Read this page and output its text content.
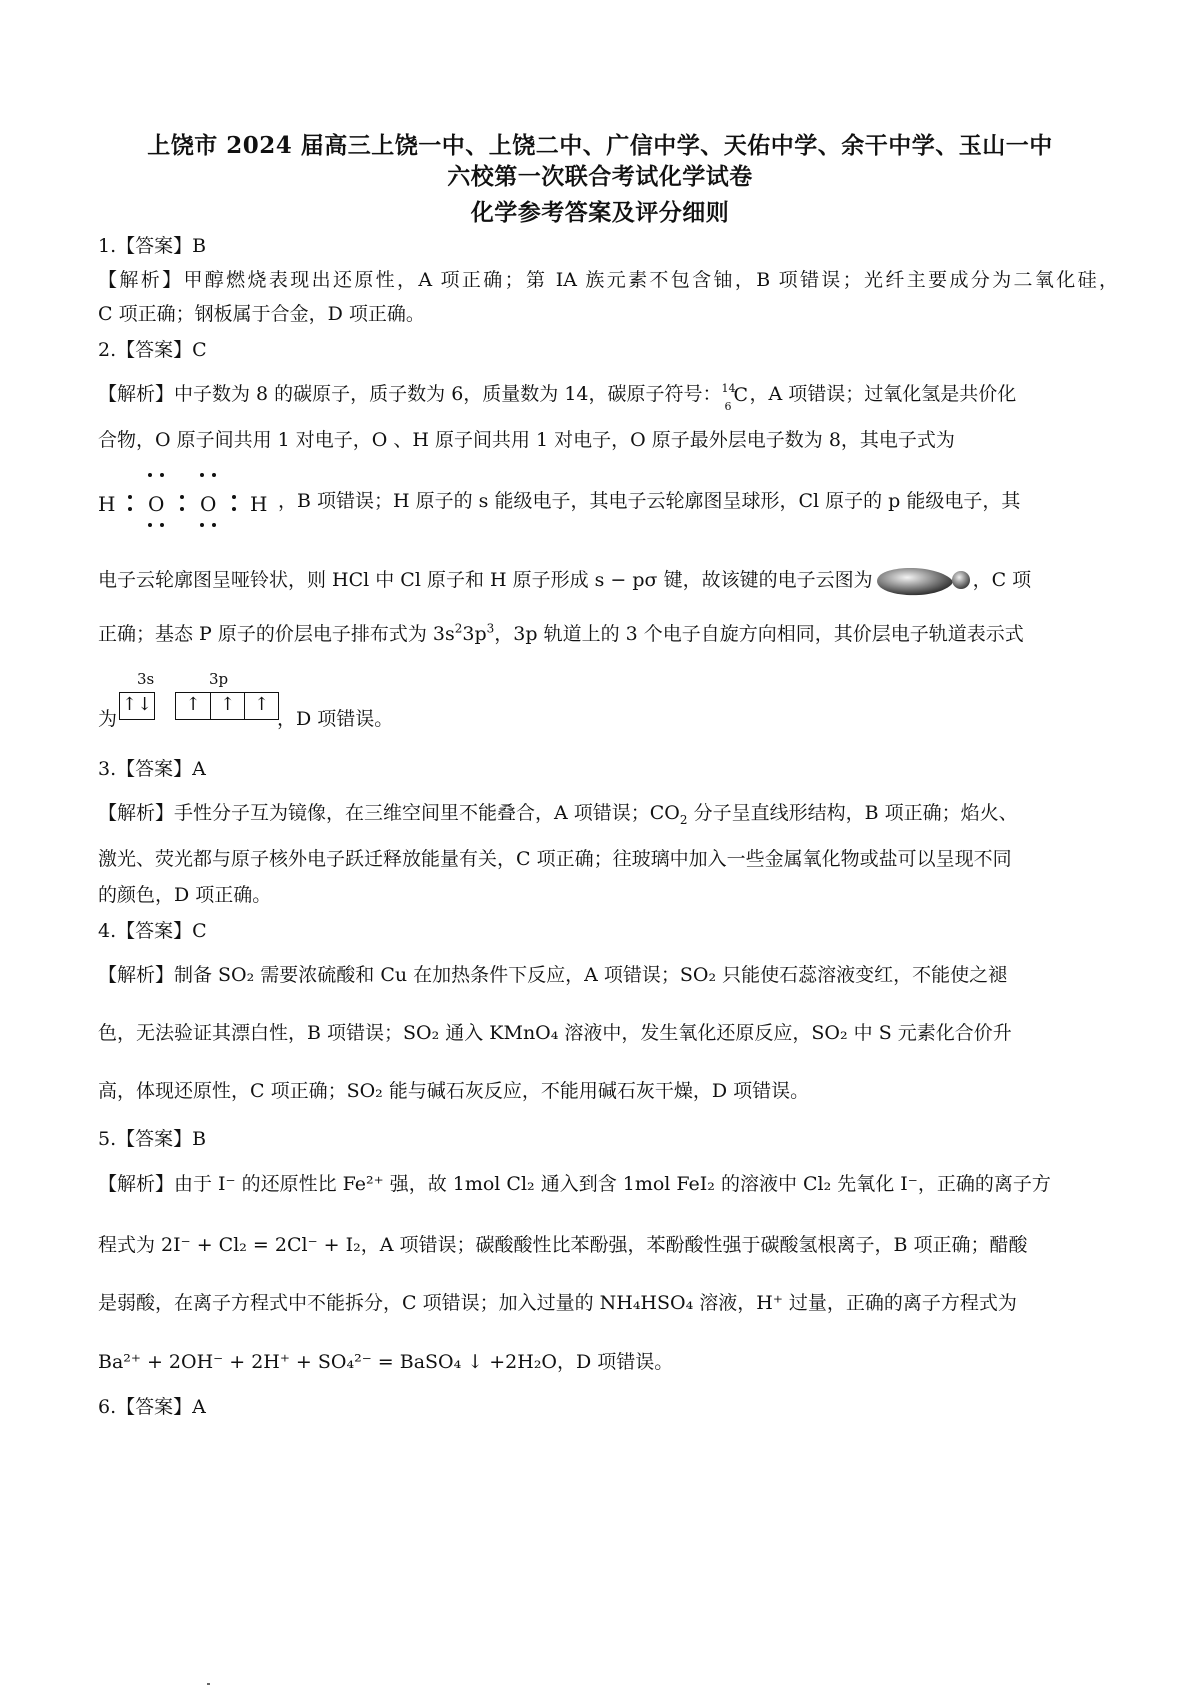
上饶市 2024 届高三上饶一中、上饶二中、广信中学、天佑中学、余干中学、玉山一中
六校第一次联合考试化学试卷
化学参考答案及评分细则
1.【答案】B
【解析】甲醇燃烧表现出还原性，A 项正确；第 IA 族元素不包含铀，B 项错误；光纤主要成分为二氧化硅，
C 项正确；钢板属于合金，D 项正确。
2.【答案】C
【解析】中子数为 8 的碳原子，质子数为 6，质量数为 14，碳原子符号： 14
6
C ，A 项错误；过氧化氢是共价化
合物，O 原子间共用 1 对电子，O 、H 原子间共用 1 对电子，O 原子最外层电子数为 8，其电子式为
H O O H ，B 项错误；H 原子的 s 能级电子，其电子云轮廓图呈球形，Cl 原子的 p 能级电子，其
电子云轮廓图呈哑铃状，则 HCl 中 Cl 原子和 H 原子形成 s − pσ 键，故该键的电子云图为	，C 项
正确；基态 P 原子的价层电子排布式为 $3s^23p^3$，3p 轨道上的 3 个电子自旋方向相同，其价层电子轨道表示式
为
3s	3p
↑↓	↑	↑	↑
，D 项错误。
3.【答案】A
【解析】手性分子互为镜像，在三维空间里不能叠合，A 项错误；$CO_2$ 分子呈直线形结构，B 项正确；焰火、
激光、荧光都与原子核外电子跃迁释放能量有关，C 项正确；往玻璃中加入一些金属氧化物或盐可以呈现不同
的颜色，D 项正确。
4.【答案】C
【解析】制备 SO₂ 需要浓硫酸和 Cu 在加热条件下反应，A 项错误；SO₂ 只能使石蕊溶液变红，不能使之褪
色，无法验证其漂白性，B 项错误；SO₂ 通入 KMnO₄ 溶液中，发生氧化还原反应，SO₂ 中 S 元素化合价升
高，体现还原性，C 项正确；SO₂ 能与碱石灰反应，不能用碱石灰干燥，D 项错误。
5.【答案】B
【解析】由于 I⁻ 的还原性比 Fe²⁺ 强，故 1mol Cl₂ 通入到含 1mol FeI₂ 的溶液中 Cl₂ 先氧化 I⁻，正确的离子方
程式为 2I⁻ + Cl₂ = 2Cl⁻ + I₂，A 项错误；碳酸酸性比苯酚强，苯酚酸性强于碳酸氢根离子，B 项正确；醋酸
是弱酸，在离子方程式中不能拆分，C 项错误；加入过量的 NH₄HSO₄ 溶液，H⁺ 过量，正确的离子方程式为
Ba²⁺ + 2OH⁻ + 2H⁺ + SO₄²⁻ = BaSO₄ ↓ +2H₂O，D 项错误。
6.【答案】A
